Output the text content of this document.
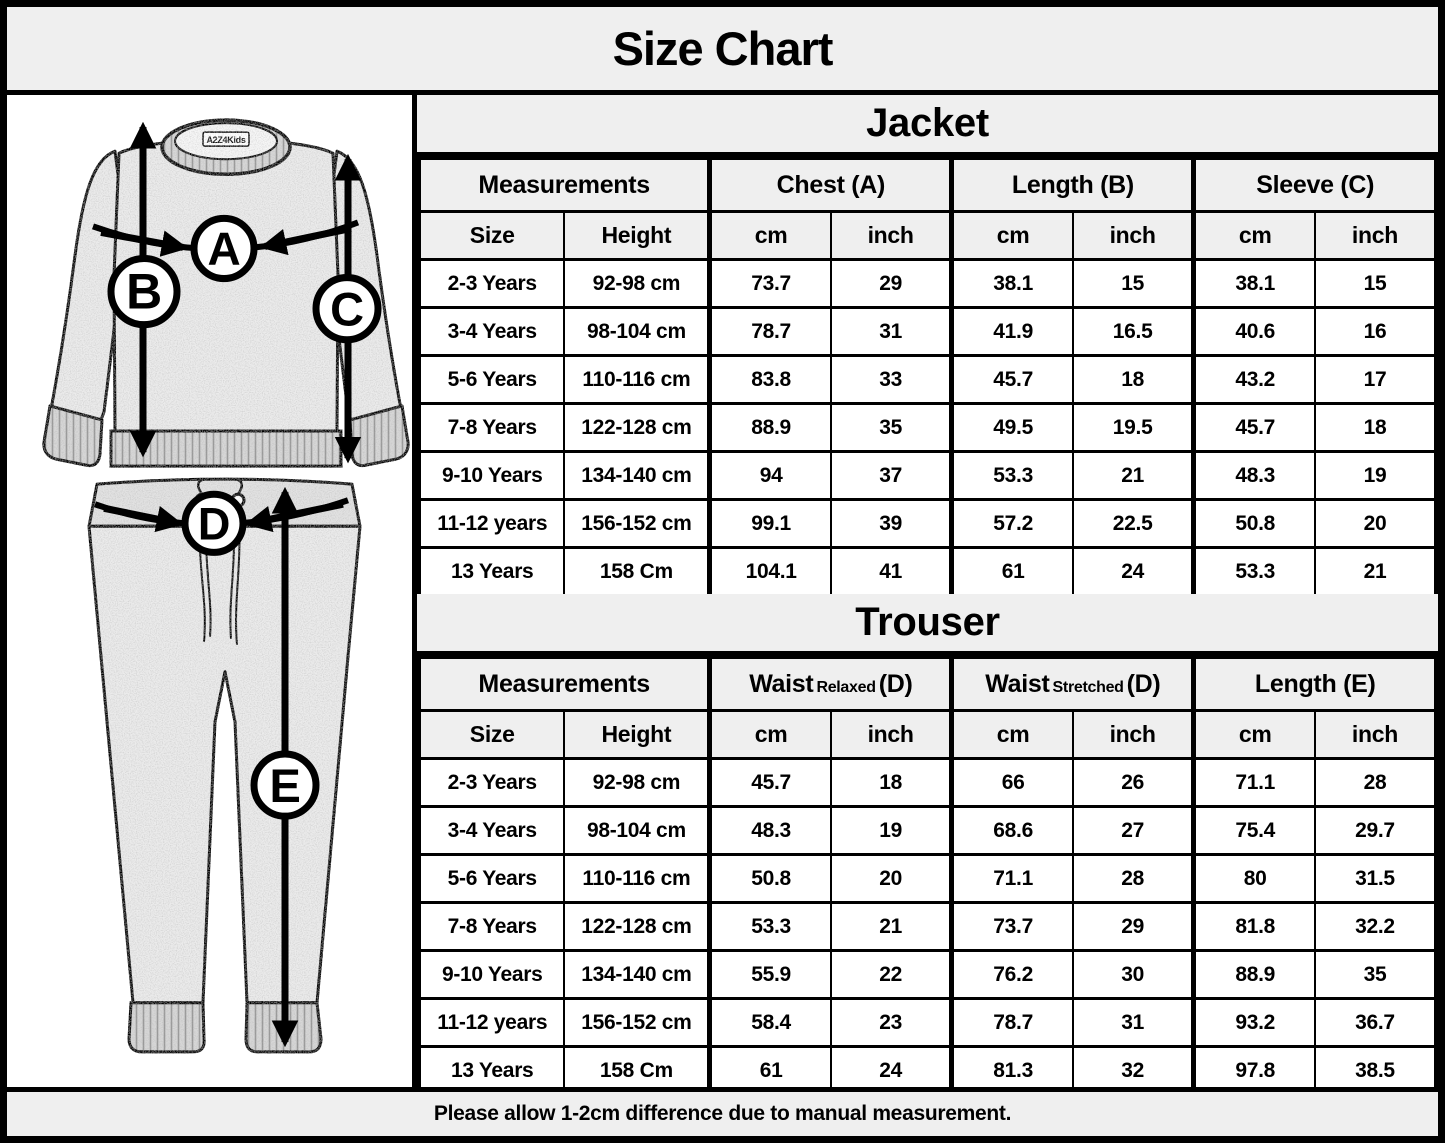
Size Chart
A2Z4Kids
A
B	C
D
E
Jacket
Measurements		Chest (A)		Length (B)		Sleeve (C)	
Size	Height	cm	inch	cm	inch	cm	inch
2-3 Years	92-98 cm	73.7	29	38.1	15	38.1	15
3-4 Years	98-104 cm	78.7	31	41.9	16.5	40.6	16
5-6 Years	110-116 cm	83.8	33	45.7	18	43.2	17
7-8 Years	122-128 cm	88.9	35	49.5	19.5	45.7	18
9-10 Years	134-140 cm	94	37	53.3	21	48.3	19
11-12 years	156-152 cm	99.1	39	57.2	22.5	50.8	20
13 Years	158 Cm	104.1	41	61	24	53.3	21
Trouser
Measurements		Waist Relaxed (D)		Waist Stretched (D)		Length (E)	
Size	Height	cm	inch	cm	inch	cm	inch
2-3 Years	92-98 cm	45.7	18	66	26	71.1	28
3-4 Years	98-104 cm	48.3	19	68.6	27	75.4	29.7
5-6 Years	110-116 cm	50.8	20	71.1	28	80	31.5
7-8 Years	122-128 cm	53.3	21	73.7	29	81.8	32.2
9-10 Years	134-140 cm	55.9	22	76.2	30	88.9	35
11-12 years	156-152 cm	58.4	23	78.7	31	93.2	36.7
13 Years	158 Cm	61	24	81.3	32	97.8	38.5
Please allow 1-2cm difference due to manual measurement.
